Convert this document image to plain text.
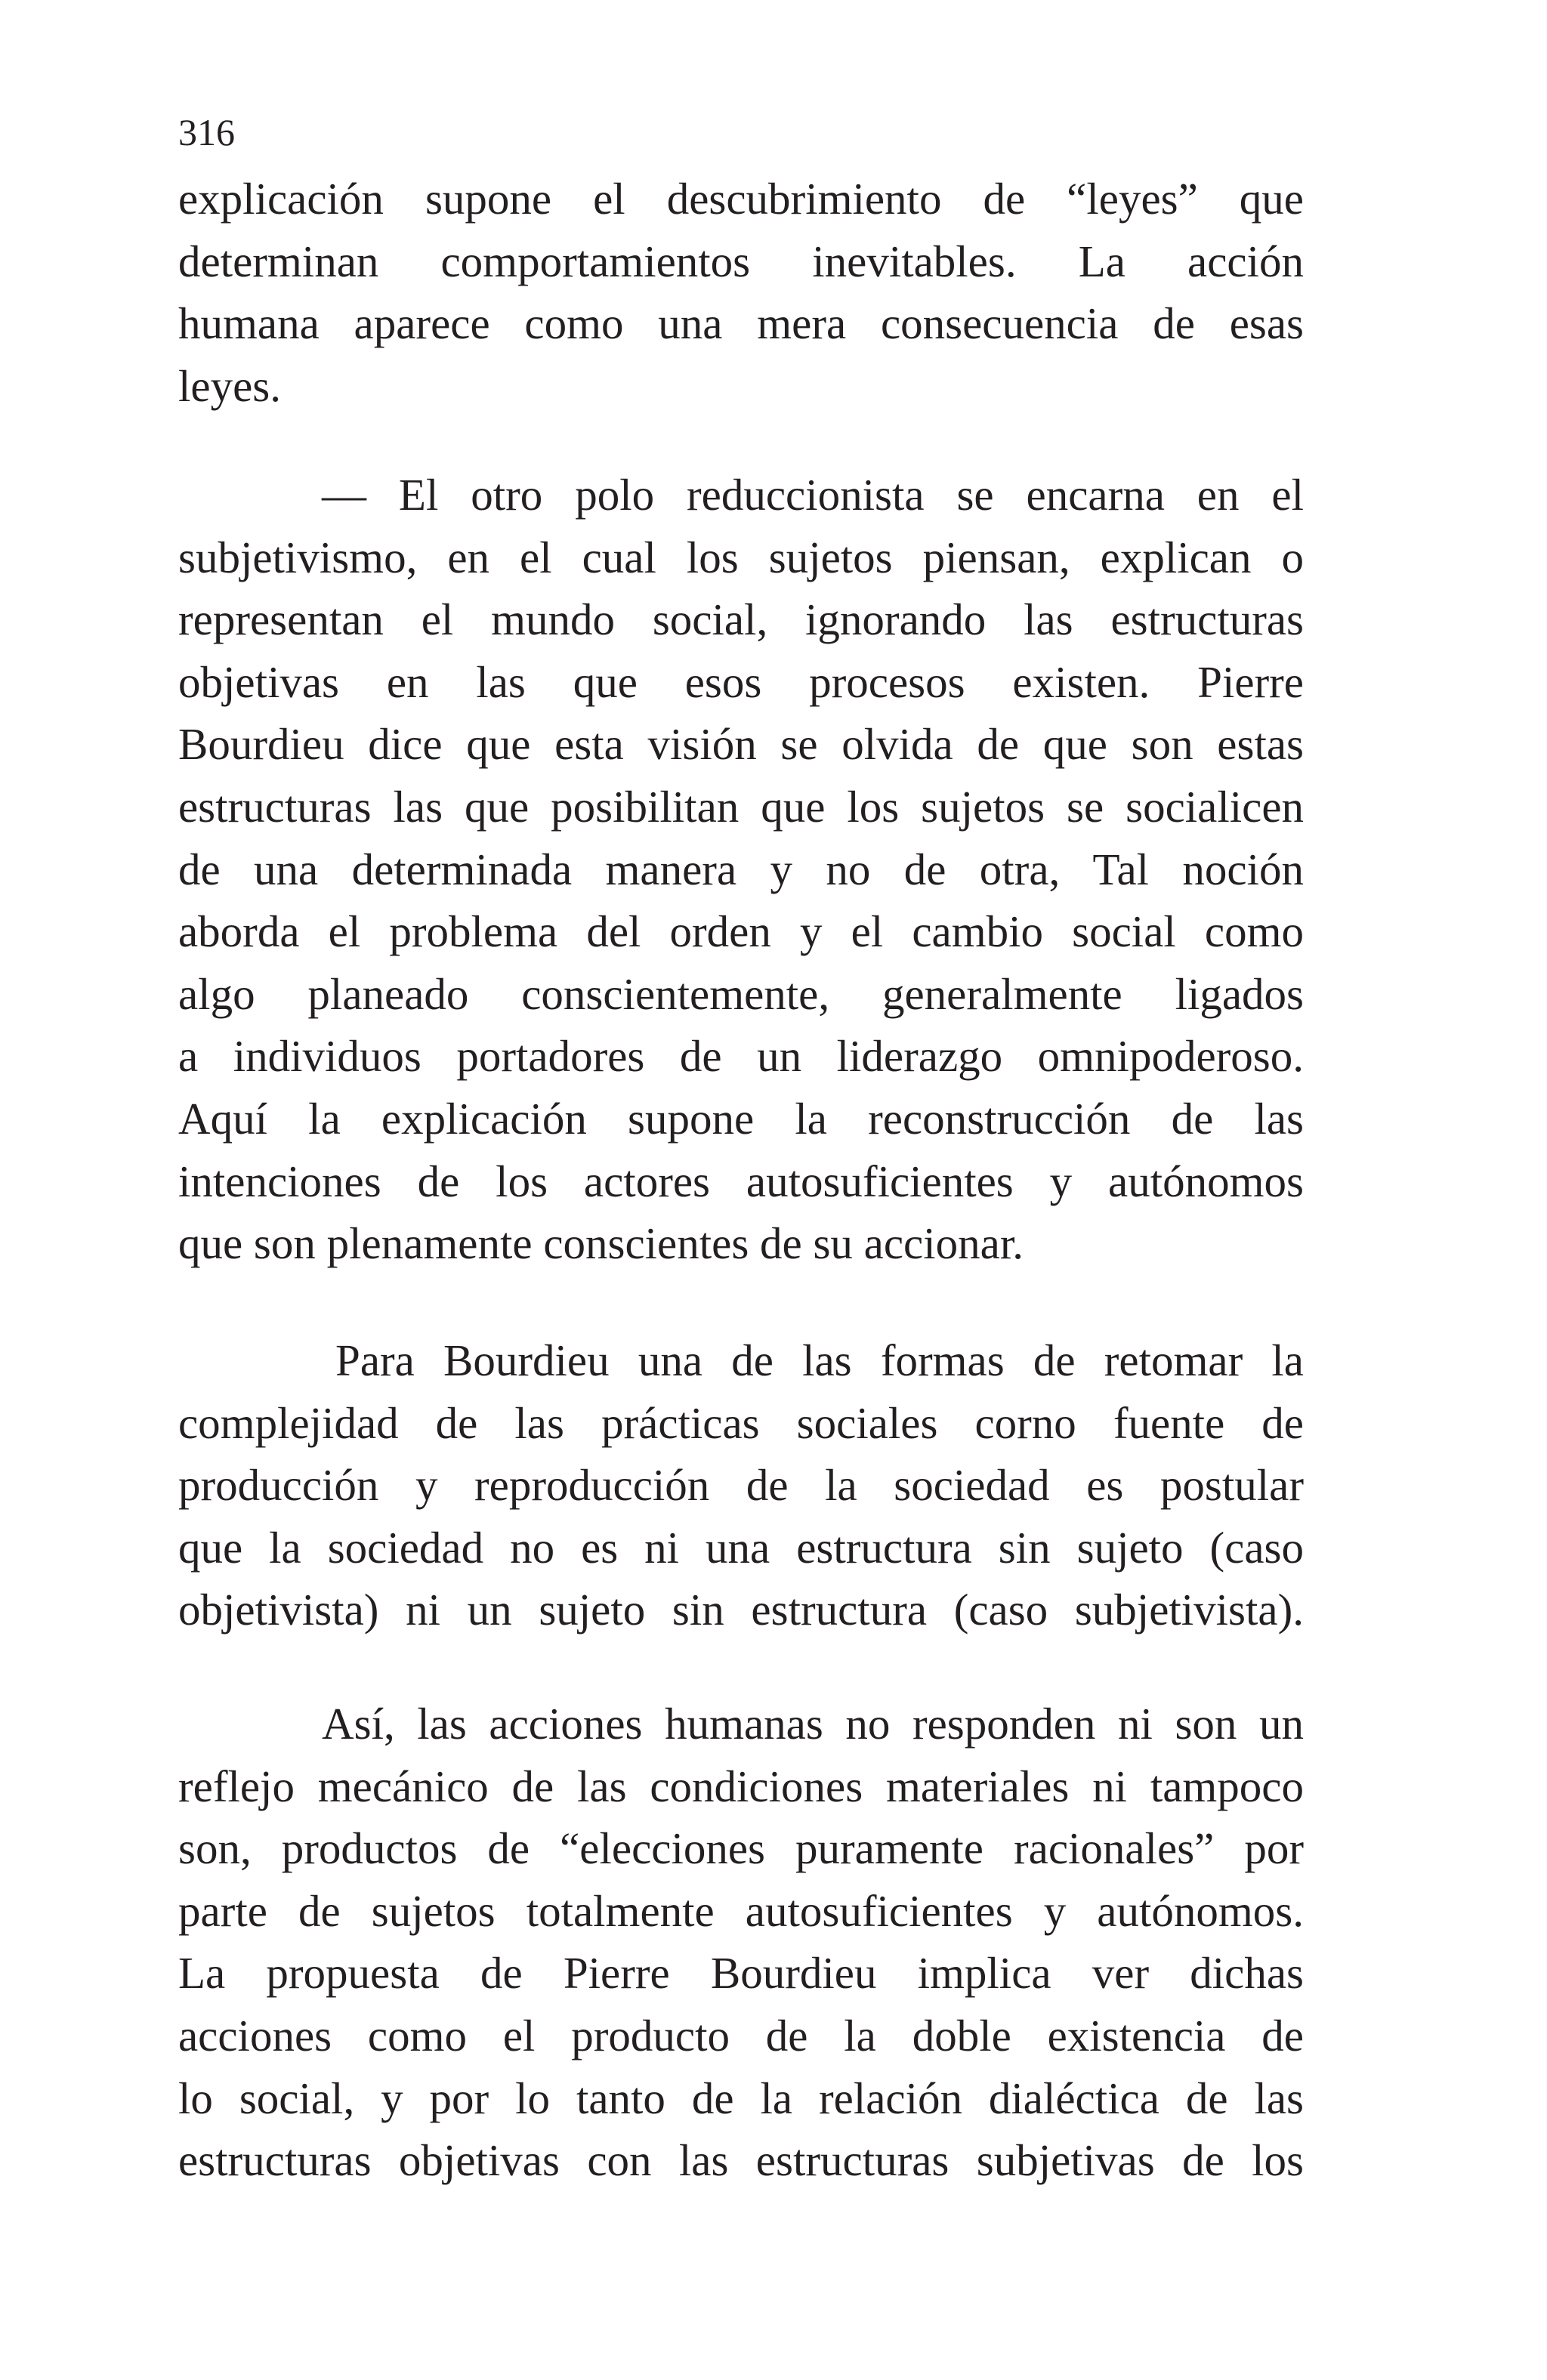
316
explicación supone el descubrimiento de “leyes” que
determinan comportamientos inevitables. La acción
humana aparece como una mera consecuencia de esas
leyes.
— El otro polo reduccionista se encarna en el
subjetivismo, en el cual los sujetos piensan, explican o
representan el mundo social, ignorando las estructuras
objetivas en las que esos procesos existen. Pierre
Bourdieu dice que esta visión se olvida de que son estas
estructuras las que posibilitan que los sujetos se socialicen
de una determinada manera y no de otra, Tal noción
aborda el problema del orden y el cambio social como
algo planeado conscientemente, generalmente ligados
a individuos portadores de un liderazgo omnipoderoso.
Aquí la explicación supone la reconstrucción de las
intenciones de los actores autosuficientes y autónomos
que son plenamente conscientes de su accionar.
Para Bourdieu una de las formas de retomar la
complejidad de las prácticas sociales corno fuente de
producción y reproducción de la sociedad es postular
que la sociedad no es ni una estructura sin sujeto (caso
objetivista) ni un sujeto sin estructura (caso subjetivista).
Así, las acciones humanas no responden ni son un
reflejo mecánico de las condiciones materiales ni tampoco
son, productos de “elecciones puramente racionales” por
parte de sujetos totalmente autosuficientes y autónomos.
La propuesta de Pierre Bourdieu implica ver dichas
acciones como el producto de la doble existencia de
lo social, y por lo tanto de la relación dialéctica de las
estructuras objetivas con las estructuras subjetivas de los
